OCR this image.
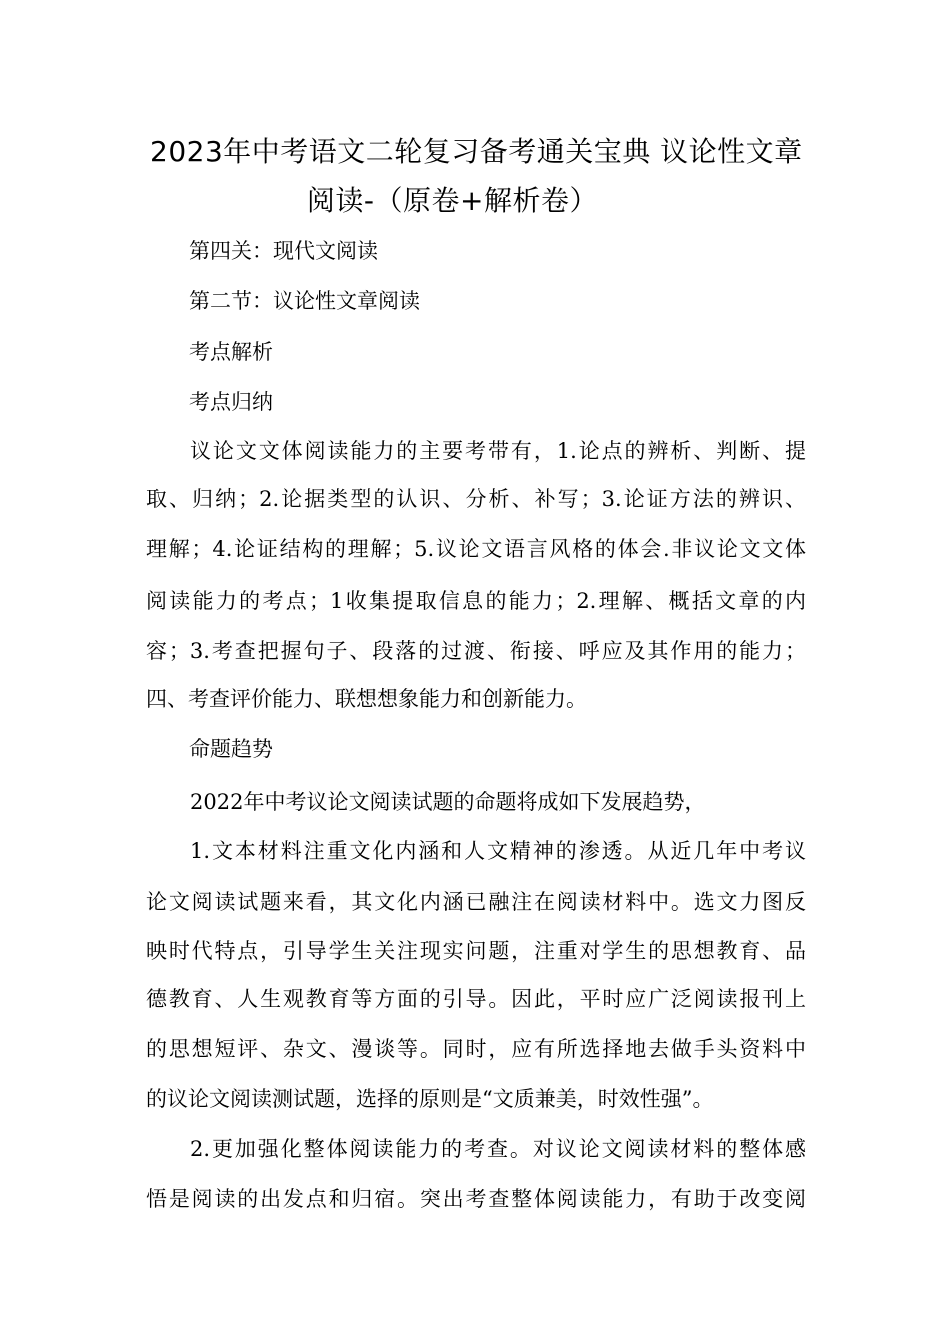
2023年中考语文二轮复习备考通关宝典 议论性文章
阅读-（原卷+解析卷）
第四关：现代文阅读
第二节：议论性文章阅读
考点解析
考点归纳
议论文文体阅读能力的主要考带有，1.论点的辨析、判断、提
取、归纳；2.论据类型的认识、分析、补写；3.论证方法的辨识、
理解；4.论证结构的理解；5.议论文语言风格的体会.非议论文文体
阅读能力的考点；1收集提取信息的能力；2.理解、概括文章的内
容；3.考查把握句子、段落的过渡、衔接、呼应及其作用的能力；
四、考查评价能力、联想想象能力和创新能力。
命题趋势
2022年中考议论文阅读试题的命题将成如下发展趋势，
1.文本材料注重文化内涵和人文精神的渗透。从近几年中考议
论文阅读试题来看，其文化内涵已融注在阅读材料中。选文力图反
映时代特点，引导学生关注现实问题，注重对学生的思想教育、品
德教育、人生观教育等方面的引导。因此，平时应广泛阅读报刊上
的思想短评、杂文、漫谈等。同时，应有所选择地去做手头资料中
的议论文阅读测试题，选择的原则是“文质兼美，时效性强”。
2.更加强化整体阅读能力的考查。对议论文阅读材料的整体感
悟是阅读的出发点和归宿。突出考查整体阅读能力，有助于改变阅
